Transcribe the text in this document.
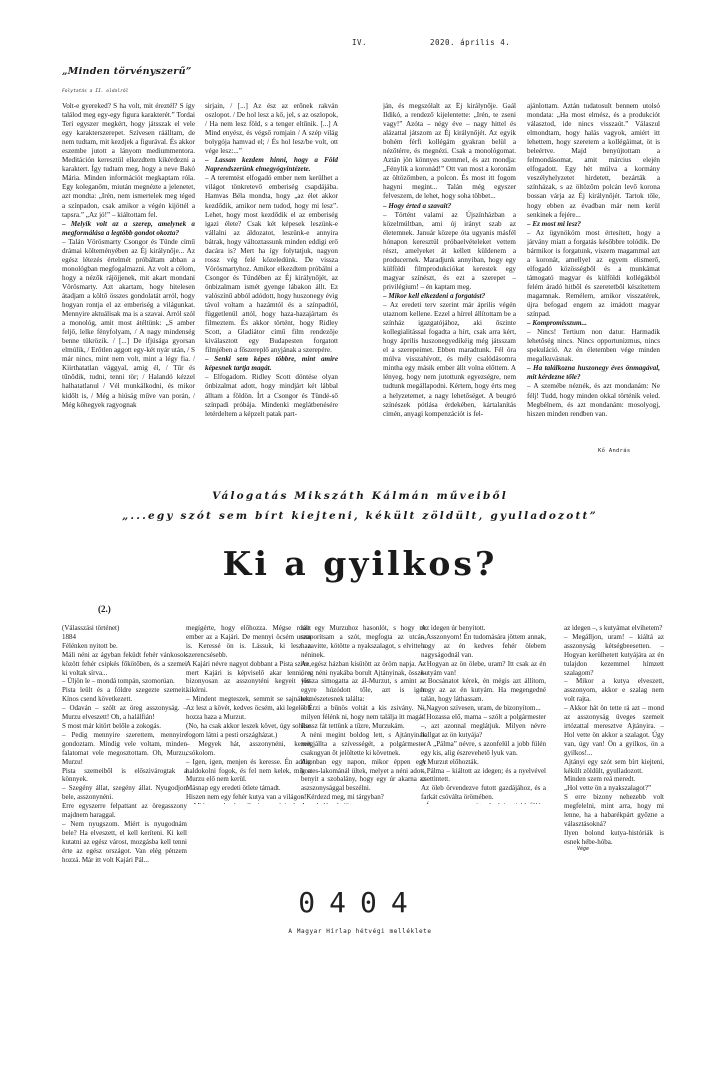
IV.	2020. április 4.
„Minden törvényszerű”
Folytatás a II. oldalról

Volt-e gyereked? S ha volt, mit éreztél? S így találod meg egy-egy figura karakterét.” Tordai Teri egyszer megkért, hogy játsszak el vele egy karakterszerepet. Szívesen ráálltam, de nem tudtam, mit kezdjek a figurával. És akkor eszembe jutott a lányom mediummentora. Meditáción keresztül elkezdtem kikérdezni a karaktert. Így tudtam meg, hogy a neve Bakó Mária. Minden információt megkaptam róla. Egy koleganőm, miután megnézte a jelenetet, azt mondta: „Irén, nem ismertelek meg téged a színpadon, csak amikor a végén kijöttél a tapsra.” „Az jó!” – kiáltottam fel.

– Melyik volt az a szerep, amelynek a megformálása a legtöbb gondot okozta?

– Talán Vörösmarty Csongor és Tünde című drámai költeményében az Éj királynője... Az egész létezés értelmét próbáltam abban a monológban megfogalmazni. Az volt a célom, hogy a nézők rájöjjenek, mit akart mondani Vörösmarty. Azt akartam, hogy hitelesen átadjam a költő összes gondolatát arról, hogy hogyan rontja el az emberiség a világunkat. Mennyire aktuálisak ma is a szavai. Arról szól a monológ, amit most átéltünk: „S amber feljő, lelke fényfolyam, / A nagy mindenség benne tükrözik. / [...] De ifjúsága gyorsan elmúlik, / Erőtlen aggott egy-két nyár után, / S már nincs, mint nem volt, mint a légy fia. / Kiirthatatlan vággyal, amig él, / Tűr és tűnődik, tudni, tenni tör; / Halandó kézzel halhatatlanul / Vél munkálkodni, és mikor kidőlt is, / Még a hiúság műve van porán, / Még kőhegyek ragyognak

sirjain, / [...] Az ész az erőnek rakván oszlopot. / De hol lesz a kő, jel, s az oszlopok, / Ha nem lesz föld, s a tenger eltűnik. [...] A Mind enyész, és végső romjain / A szép világ bolygója hamvad el; / És hol lesz/be volt, ott vége lesz:...”

– Lassan kezdem hinni, hogy a Föld Naprendszerünk elmegyógyintézete.

– A teremtést elfogadó ember nem kerülhet a világot tönkretevő emberiség csapdájába. Hamvas Béla mondta, hogy „az élet akkor kezdődik, amikor nem tudod, hogy mi lesz”. Lehet, hogy most kezdődik el az emberiség igazi élete? Csak két képesek leszünk-e vállalni az áldozatot, leszünk-e annyira bátrak, hogy változtassunk minden eddigi erő dacára is? Mert ha így folytatjuk, nagyon rossz vég felé közeledünk. De vissza Vörösmartyhoz. Amíkor elkezdtem próbálni a Csongor és Tündében az Éj királynőjét, az önbizalmam ismét gyenge lábakon állt. Ez valószínű abból adódott, hogy huszonegy évig távol voltam a hazámtól és a színpadtól, függetlenül attól, hogy haza-hazajártam és filmeztem. És akkor történt, hogy Ridley Scott, a Gladiátor című film rendezője kiválasztott egy Budapesten forgatott filmjében a főszereplő anyjának a szerepére.

– Senki sem képes többre, mint amire képesnek tartja magát.

– Elfogadom. Ridley Scott döntése olyan önbizalmat adott, hogy mindjárt két lábbal álltam a földön. Írt a Csongor és Tündé-ső színpadi próbája. Mindenki meglátbenésére letérdeltem a képzelt patak part-

ján, és megszólalt az Éj királynője. Gaál Ildikó, a rendező kijelentette: „Irén, te zseni vagy!” Azóta – négy éve – nagy hittel és alázattal játszom az Éj királynőjét. Az egyik bohém férfi kollégám gyakran belül a nézőtérre, és megnézi. Csak a monológomat. Aztán jön könnyes szemmel, és azt mondja: „Fénylik a koronád!” Ott van most a koronám az öltözőmben, a polcon. És most itt fogom hagyni megint... Talán még egyszer felveszem, de lehet, hogy soha többet...

– Hogy érted a szavait?

– Történt valami az Újszínházban a közelmúltban, ami új irányt szab az életemnek. Január közepe óta ugyanis másfél hónapon keresztül próbaelvételeket vettem részt, amelyeket át kellett küldenem a producernek. Maradjunk annyiban, hogy egy külföldi filmprodukciókat kerestek egy magyar színészt, és ezt a szerepet – privilégium! – én kaptam meg.

– Mikor kell elkezdeni a forgatást?

– Az eredeti terv szerint már április végén utaznom kellene. Ezzel a hírrel állítottam be a színház igazgatójához, aki őszinte kollegialitással fogadta a hírt, csak arra kért, hogy április huszonegyedikéig még játsszam el a szerepeimet. Ebben maradtunk. Fél óra múlva visszahívott, és mély csalódásomra mintha egy másik ember állt volna előttem. A lényeg, hogy nem jutottunk egyezségre, nem tudtunk megállapodni. Kértem, hogy érts meg a helyzetemet, a nagy lehetőséget. A beugró színészek pótlása érdekében, kártalanítás címén, anyagi kompenzációt is fel-

ajánlottam. Aztán tudatosult bennem utolsó mondata: „Ha most elmész, és a produkciót választod, ide nincs visszaút.” Válaszul elmondtam, hogy halás vagyok, amiért itt lehettem, hogy szeretem a kollégáimat, öt is beleértve. Majd benyújtottam a felmondásomat, amit március elején elfogadott. Egy hét múlva a kormány veszélyhelyzetet hirdetett, bezárták a színházak, s az öltözőm polcán levő korona bossan várja az Éj királynőjét. Tartok tőle, hogy ebben az évadban már nem kerül senkinek a fejére...

– Ez most mi lesz?

– Az ügynököm most értesített, hogy a járvány miatt a forgatás későbbre tolódik. De bármikor is forgatunk, viszem magammal azt a koronát, amellyel az egyem elismerő, elfogadó közösségből és a munkámat támogató magyar és külföldi kollégákból felém áradó hitből és szeretetből készítettem magamnak. Remélem, amikor visszatérek, újra befogad engem az imádott magyar színpad.

– Kompromisszum...

– Nincs! Tertium non datur. Harmadik lehetőség nincs. Nincs opportunizmus, nincs spekuláció. Az én életemben vége minden megalkuvásnak.

– Ha találkozna huszonegy éves önmagával, mit kérdezne tőle?

– A szemébe néznék, és azt mondanám: Ne félj! Tudd, hogy minden okkal történik veled. Megbélnem, és azt mondanám: mosolyogj, hiszen minden rendben van.

Kő András
Válogatás Mikszáth Kálmán műveiből
„...egy szót sem bírt kiejteni, kékült zöldült, gyulladozott”
Ki a gyilkos?
(2.)

(Válasszási történet)

1884

Félénken nyitott be.

Máli néni az ágyban feküdt fehér vánkosok között fehér csipkés főkötőben, és a szemei ki voltak sírva...

– Üljön le – mondá tompán, szomorúan.

Pista leült és a földre szegezte szemeit. Kínos csend következett.

– Odaván – szólt az öreg asszonyság. – Murzu elveszett! Oh, a halálfián!

S most már kitört belőle a zokogás.

– Pedig mennyire szerettem, mennyire gondoztam. Mindig vele voltam, minden falatomat vele megosztottam. Oh, Murzu, Murzu!

Pista szemeiből is előszivárogtak a könnyek.

– Szegény állat, szegény állat. Nyugodjon bele, asszonynéni.

Erre egyszerre felpattant az öregasszony majdnem haraggal.

– Nem nyugszom. Miért is nyugodnám bele? Ha elveszett, el kell keríteni. Ki kell kutatni az egész várost, mozgásba kell tenni érte az egész országot. Van elég pénzem hozzá. Már itt volt Kajári Pál...

megígérte, hogy előhozza. Mégse rossz ember az a Kajári. De mennyi öcsém uram is. Keressé ön is. Lássuk, ki lesz a szerencsésebb.

A Kajári névre nagyot dobbant a Pista szíve, mert Kajári is képviselő akar lenni, s bizonyosan az asszonyténi kegyeit jött kikérni.

– Mindent megteszek, semmit se sajnálok. Az lesz a kövét, kedves öcsém, aki legelőbb hozza haza a Murzut.

(No, ha csak akkor leszek követ, úgy sohase fogom látni a pesti országházat.)

– Megyek hát, asszonynéni, kezeit csókolom.

– Igen, igen, menjen és keresse. Én addig haldokolni fogok, és fel nem kelek, míg a Murzu elő nem kerül.

Másnap egy eredeti ötlete támadt.

Hiszen nem egy fehér kutya van a világon!

lált egy Murzuhoz hasonlót, s hogy ne szaporítsam a szót, megfogta az utcán, hazavitte, kötötte a nyakszalagot, s elvitte a néninek.

Az egész házban kisütött az öröm napja. Az öreg néni nyakába borult Ajtányinak, össze-vissza simogatta az ál-Murzut, s amint az egyre húzódott tőle, azt is igen természetesnek találta:

– Érzi a bűnös voltát a kis zsivány. Ni, milyen félénk ni, hogy nem találja itt magát! Rossz fát tettünk a tűzre, Murzukám.

A néni megint boldog lett, s Ajtányinak megjállta a szívességét, a polgármester csakugyan őt jelöltette ki követnek.

Azonban egy napon, mikor éppen egy kortes-lakománál ültek, melyet a néni adott, benyit a szobalány, hogy egy úr akarna az aszszonysággal beszélni.

– Kérdezd meg, mi tárgyban?

Az idegen úr benyitott.

– Asszonyom! Én tudomására jöttem annak, hogy az én kedves fehér ölebem nagyságodnál van.

– Hogyan az ön ölebe, uram? Itt csak az én kutyám van!

– Bocsánatot kérek, én mégis azt állítom, hogy az az én kutyám. Ha megengedné talán, hogy láthassam.

– Nagyon szívesen, uram, de bizonyítom...

– Hozassa elő, mama – szólt a polgármester –, azt azonnal meglátjuk. Milyen névre hallgat az ön kutyája?

– A „Pálma” névre, s azonfelül a jobb fülén egy kis, alig észrevehető lyuk van.

A Murzut előhozták.

– Pálma – kiáltott az idegen; és a nyelvével csettintett.

Az öleb örvendezve futott gazdájához, és a farkát csóválta örömében.

az idegen –, s kutyámat elvihetem?

– Megálljon, uram! – kiáltá az asszonyság kétségbeesetten. – Hogyan kerülhetett kutyájára az én tulajdon kezemmel hímzett szalagom?

– Mikor a kutya elveszett, asszonyom, akkor e szalag nem volt rajta.

– Akkor hát ön tette rá azt – mond az asszonyság üveges szemeit irtózattal meresztve Ajtányira. – Hol vette ön akkor a szalagot. Úgy van, úgy van! Ön a gyilkos, ön a gyilkos!...

Ajtányi egy szót sem bírt kiejteni, kékült zöldült, gyulladozott.

Minden szem reá meredt.

„Hol vette ön a nyakszalagot?”

S erre bizony nehezebb volt megfelelni, mint arra, hogy mi lenne, ha a habarékpárt győzne a választásokná?

Ilyen bolond kutya-históriák is esnek hébe-hóba.

Vége
0404
A Magyar Hírlap hétvégi melléklete
